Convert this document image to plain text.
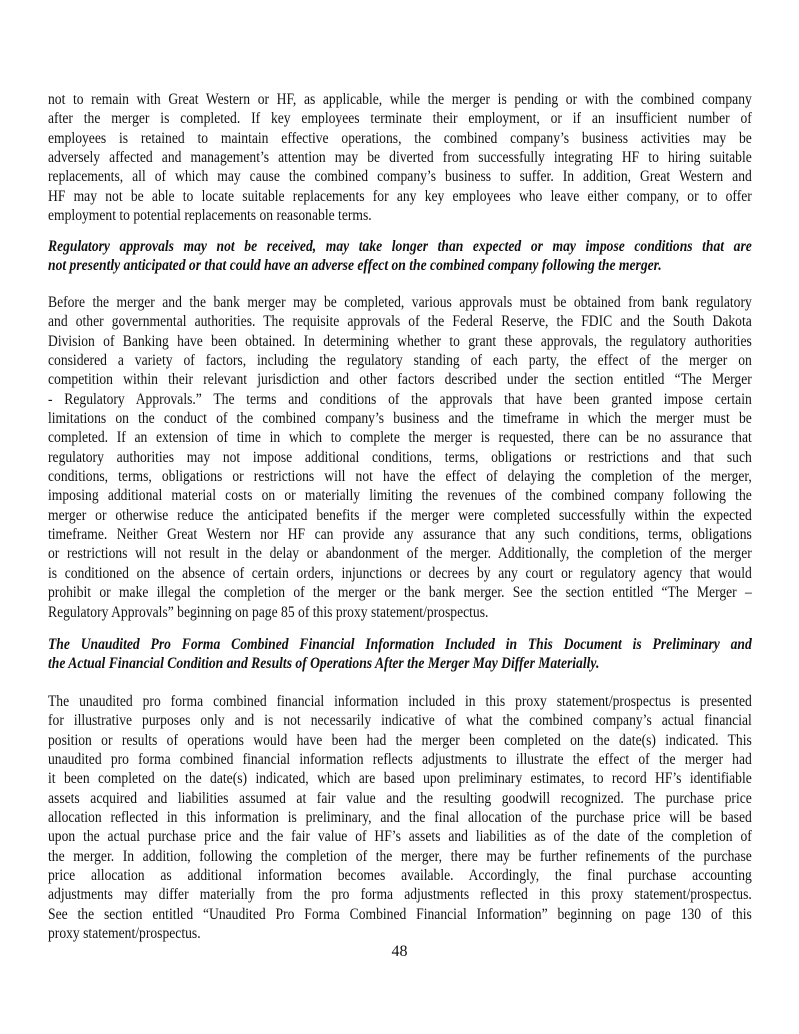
not to remain with Great Western or HF, as applicable, while the merger is pending or with the combined company
after the merger is completed. If key employees terminate their employment, or if an insufficient number of
employees is retained to maintain effective operations, the combined company’s business activities may be
adversely affected and management’s attention may be diverted from successfully integrating HF to hiring suitable
replacements, all of which may cause the combined company’s business to suffer. In addition, Great Western and
HF may not be able to locate suitable replacements for any key employees who leave either company, or to offer
employment to potential replacements on reasonable terms.
Regulatory approvals may not be received, may take longer than expected or may impose conditions that are
not presently anticipated or that could have an adverse effect on the combined company following the merger.
Before the merger and the bank merger may be completed, various approvals must be obtained from bank regulatory
and other governmental authorities. The requisite approvals of the Federal Reserve, the FDIC and the South Dakota
Division of Banking have been obtained. In determining whether to grant these approvals, the regulatory authorities
considered a variety of factors, including the regulatory standing of each party, the effect of the merger on
competition within their relevant jurisdiction and other factors described under the section entitled “The Merger
- Regulatory Approvals.” The terms and conditions of the approvals that have been granted impose certain
limitations on the conduct of the combined company’s business and the timeframe in which the merger must be
completed. If an extension of time in which to complete the merger is requested, there can be no assurance that
regulatory authorities may not impose additional conditions, terms, obligations or restrictions and that such
conditions, terms, obligations or restrictions will not have the effect of delaying the completion of the merger,
imposing additional material costs on or materially limiting the revenues of the combined company following the
merger or otherwise reduce the anticipated benefits if the merger were completed successfully within the expected
timeframe. Neither Great Western nor HF can provide any assurance that any such conditions, terms, obligations
or restrictions will not result in the delay or abandonment of the merger. Additionally, the completion of the merger
is conditioned on the absence of certain orders, injunctions or decrees by any court or regulatory agency that would
prohibit or make illegal the completion of the merger or the bank merger. See the section entitled “The Merger –
Regulatory Approvals” beginning on page 85 of this proxy statement/prospectus.
The Unaudited Pro Forma Combined Financial Information Included in This Document is Preliminary and
the Actual Financial Condition and Results of Operations After the Merger May Differ Materially.
The unaudited pro forma combined financial information included in this proxy statement/prospectus is presented
for illustrative purposes only and is not necessarily indicative of what the combined company’s actual financial
position or results of operations would have been had the merger been completed on the date(s) indicated. This
unaudited pro forma combined financial information reflects adjustments to illustrate the effect of the merger had
it been completed on the date(s) indicated, which are based upon preliminary estimates, to record HF’s identifiable
assets acquired and liabilities assumed at fair value and the resulting goodwill recognized. The purchase price
allocation reflected in this information is preliminary, and the final allocation of the purchase price will be based
upon the actual purchase price and the fair value of HF’s assets and liabilities as of the date of the completion of
the merger. In addition, following the completion of the merger, there may be further refinements of the purchase
price allocation as additional information becomes available. Accordingly, the final purchase accounting
adjustments may differ materially from the pro forma adjustments reflected in this proxy statement/prospectus.
See the section entitled “Unaudited Pro Forma Combined Financial Information” beginning on page 130 of this
proxy statement/prospectus.
48
